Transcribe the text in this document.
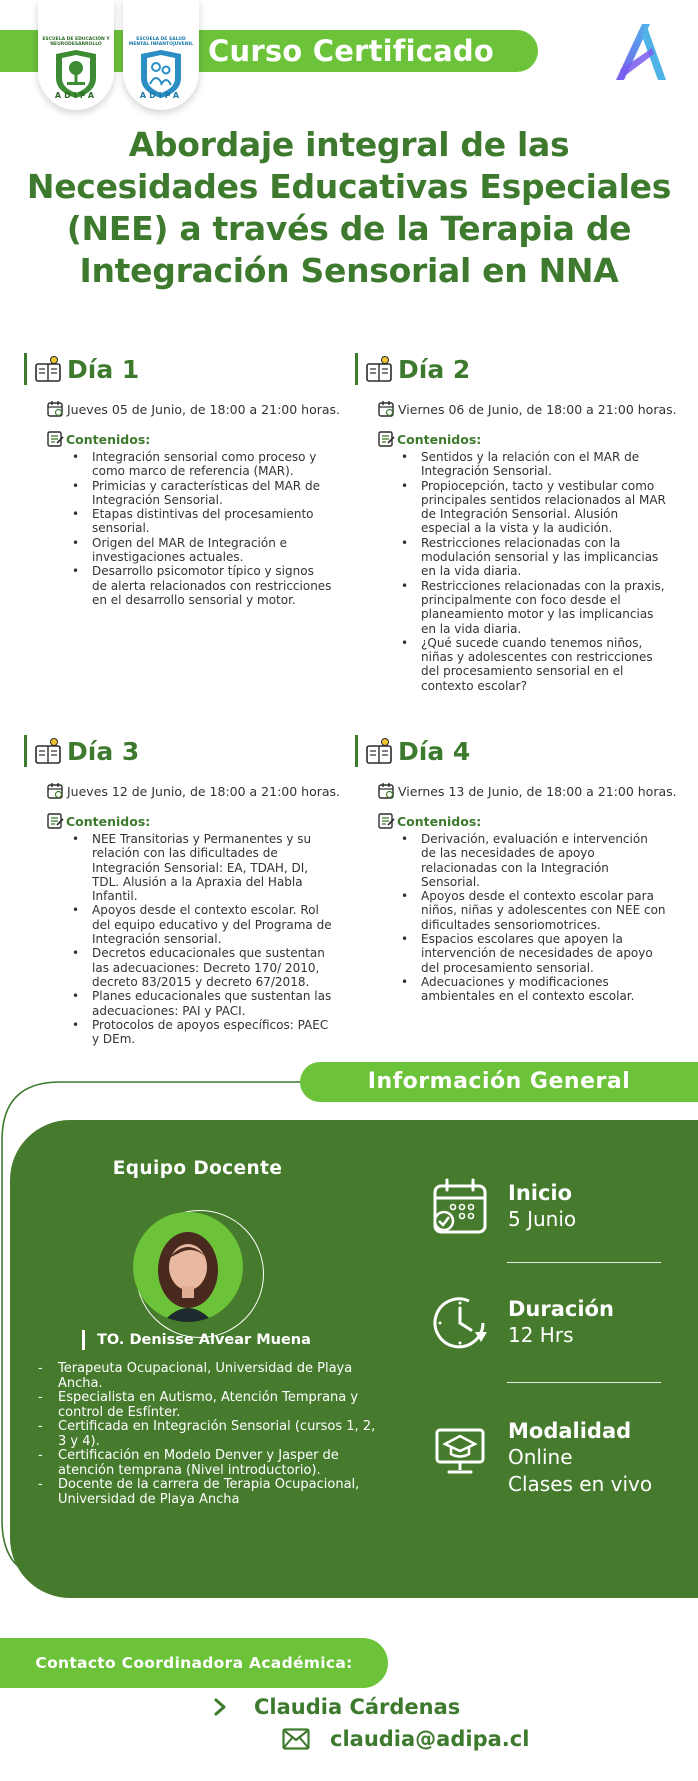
Curso Certificado
ESCUELA DE EDUCACIÓN Y NEURODESARROLLO
ADIPA
ESCUELA DE SALUD MENTAL INFANTOJUVENIL
ADIPA
Abordaje integral de las
Necesidades Educativas Especiales
(NEE) a través de la Terapia de
Integración Sensorial en NNA
Día 1
Jueves 05 de Junio, de 18:00 a 21:00 horas.
Contenidos:
• Integración sensorial como proceso y como marco de referencia (MAR).
• Primicias y características del MAR de Integración Sensorial.
• Etapas distintivas del procesamiento sensorial.
• Origen del MAR de Integración e investigaciones actuales.
• Desarrollo psicomotor típico y signos de alerta relacionados con restricciones en el desarrollo sensorial y motor.
Día 2
Viernes 06 de Junio, de 18:00 a 21:00 horas.
Contenidos:
• Sentidos y la relación con el MAR de Integración Sensorial.
• Propiocepción, tacto y vestibular como principales sentidos relacionados al MAR de Integración Sensorial. Alusión especial a la vista y la audición.
• Restricciones relacionadas con la modulación sensorial y las implicancias en la vida diaria.
• Restricciones relacionadas con la praxis, principalmente con foco desde el planeamiento motor y las implicancias en la vida diaria.
• ¿Qué sucede cuando tenemos niños, niñas y adolescentes con restricciones del procesamiento sensorial en el contexto escolar?
Día 3
Jueves 12 de Junio, de 18:00 a 21:00 horas.
Contenidos:
• NEE Transitorias y Permanentes y su relación con las dificultades de Integración Sensorial: EA, TDAH, DI, TDL. Alusión a la Apraxia del Habla Infantil.
• Apoyos desde el contexto escolar. Rol del equipo educativo y del Programa de Integración sensorial.
• Decretos educacionales que sustentan las adecuaciones: Decreto 170/ 2010, decreto 83/2015 y decreto 67/2018.
• Planes educacionales que sustentan las adecuaciones: PAI y PACI.
• Protocolos de apoyos específicos: PAEC y DEm.
Día 4
Viernes 13 de Junio, de 18:00 a 21:00 horas.
Contenidos:
• Derivación, evaluación e intervención de las necesidades de apoyo relacionadas con la Integración Sensorial.
• Apoyos desde el contexto escolar para niños, niñas y adolescentes con NEE con dificultades sensoriomotrices.
• Espacios escolares que apoyen la intervención de necesidades de apoyo del procesamiento sensorial.
• Adecuaciones y modificaciones ambientales en el contexto escolar.
Información General
Equipo Docente
TO. Denisse Alvear Muena
- Terapeuta Ocupacional, Universidad de Playa Ancha.
- Especialista en Autismo, Atención Temprana y control de Esfínter.
- Certificada en Integración Sensorial (cursos 1, 2, 3 y 4).
- Certificación en Modelo Denver y Jasper de atención temprana (Nivel introductorio).
- Docente de la carrera de Terapia Ocupacional, Universidad de Playa Ancha
Inicio
5 Junio
Duración
12 Hrs
Modalidad
Online
Clases en vivo
Contacto Coordinadora Académica:
Claudia Cárdenas
claudia@adipa.cl
